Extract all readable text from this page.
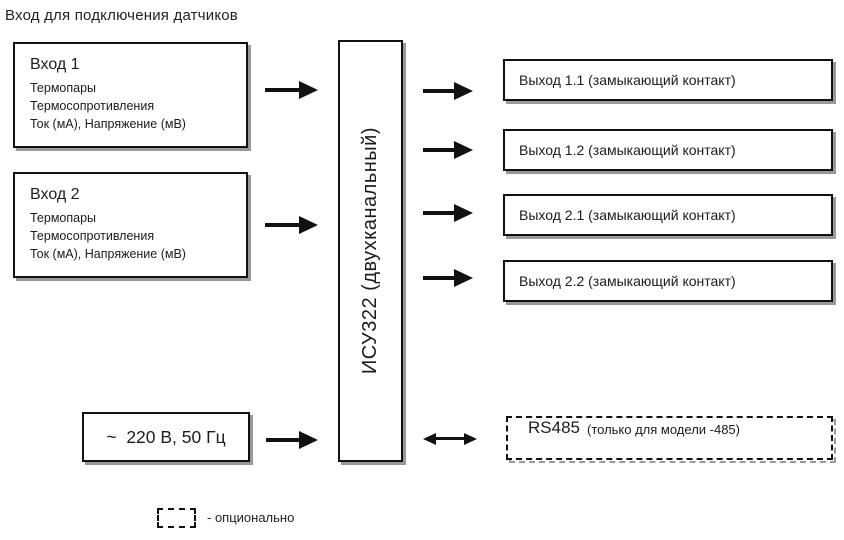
Вход для подключения датчиков
Вход 1
Термопары
Термосопротивления
Ток (мА), Напряжение (мВ)
Вход 2
Термопары
Термосопротивления
Ток (мА), Напряжение (мВ)
~  220 В, 50 Гц
ИСУ322 (двухканальный)
Выход 1.1 (замыкающий контакт)
Выход 1.2 (замыкающий контакт)
Выход 2.1 (замыкающий контакт)
Выход 2.2 (замыкающий контакт)
RS485 (только для модели -485)
- опционально
